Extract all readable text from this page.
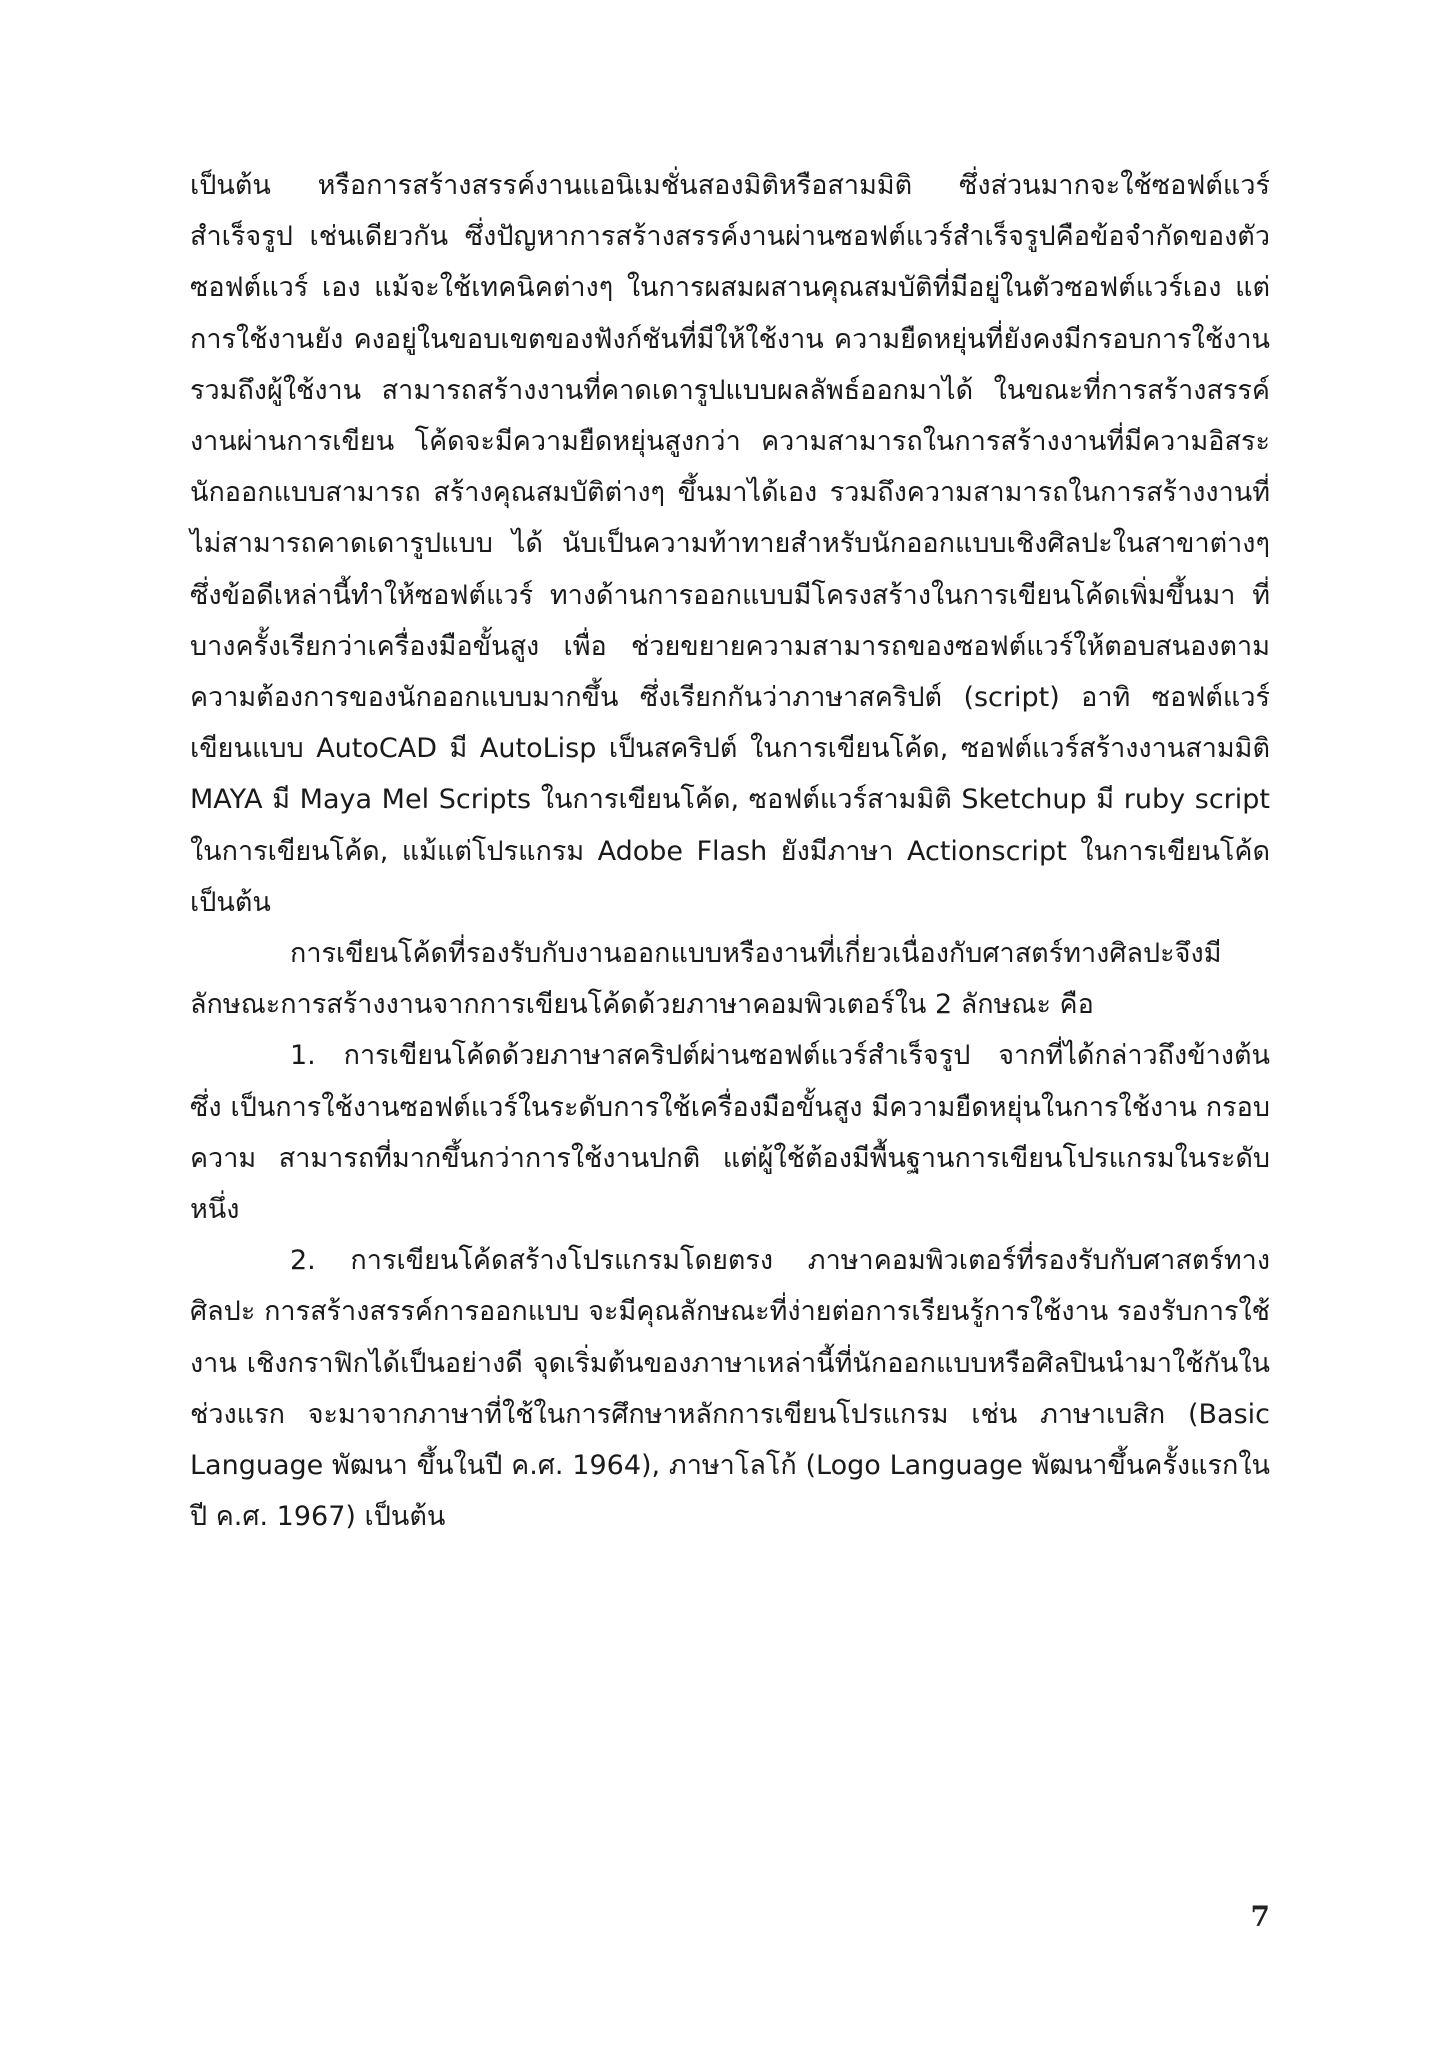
เป็นต้น หรือการสร้างสรรค์งานแอนิเมชั่นสองมิติหรือสามมิติ ซึ่งส่วนมากจะใช้ซอฟต์แวร์สำเร็จรูป เช่นเดียวกัน ซึ่งปัญหาการสร้างสรรค์งานผ่านซอฟต์แวร์สำเร็จรูปคือข้อจำกัดของตัวซอฟต์แวร์ เอง แม้จะใช้เทคนิคต่างๆ ในการผสมผสานคุณสมบัติที่มีอยู่ในตัวซอฟต์แวร์เอง แต่การใช้งานยัง คงอยู่ในขอบเขตของฟังก์ชันที่มีให้ใช้งาน ความยืดหยุ่นที่ยังคงมีกรอบการใช้งานรวมถึงผู้ใช้งาน สามารถสร้างงานที่คาดเดารูปแบบผลลัพธ์ออกมาได้ ในขณะที่การสร้างสรรค์งานผ่านการเขียน โค้ดจะมีความยืดหยุ่นสูงกว่า ความสามารถในการสร้างงานที่มีความอิสระ นักออกแบบสามารถ สร้างคุณสมบัติต่างๆ ขึ้นมาได้เอง รวมถึงความสามารถในการสร้างงานที่ไม่สามารถคาดเดารูปแบบ ได้ นับเป็นความท้าทายสำหรับนักออกแบบเชิงศิลปะในสาขาต่างๆ ซึ่งข้อดีเหล่านี้ทำให้ซอฟต์แวร์ ทางด้านการออกแบบมีโครงสร้างในการเขียนโค้ดเพิ่มขึ้นมา ที่บางครั้งเรียกว่าเครื่องมือขั้นสูง เพื่อ ช่วยขยายความสามารถของซอฟต์แวร์ให้ตอบสนองตามความต้องการของนักออกแบบมากขึ้น ซึ่งเรียกกันว่าภาษาสคริปต์ (script) อาทิ ซอฟต์แวร์เขียนแบบ AutoCAD มี AutoLisp เป็นสคริปต์ ในการเขียนโค้ด, ซอฟต์แวร์สร้างงานสามมิติ MAYA มี Maya Mel Scripts ในการเขียนโค้ด, ซอฟต์แวร์สามมิติ Sketchup มี ruby script ในการเขียนโค้ด, แม้แต่โปรแกรม Adobe Flash ยังมีภาษา Actionscript ในการเขียนโค้ด เป็นต้น

การเขียนโค้ดที่รองรับกับงานออกแบบหรืองานที่เกี่ยวเนื่องกับศาสตร์ทางศิลปะจึงมี ลักษณะการสร้างงานจากการเขียนโค้ดด้วยภาษาคอมพิวเตอร์ใน 2 ลักษณะ คือ

1. การเขียนโค้ดด้วยภาษาสคริปต์ผ่านซอฟต์แวร์สำเร็จรูป จากที่ได้กล่าวถึงข้างต้น ซึ่ง เป็นการใช้งานซอฟต์แวร์ในระดับการใช้เครื่องมือขั้นสูง มีความยืดหยุ่นในการใช้งาน กรอบความ สามารถที่มากขึ้นกว่าการใช้งานปกติ แต่ผู้ใช้ต้องมีพื้นฐานการเขียนโปรแกรมในระดับหนึ่ง

2. การเขียนโค้ดสร้างโปรแกรมโดยตรง ภาษาคอมพิวเตอร์ที่รองรับกับศาสตร์ทางศิลปะ การสร้างสรรค์การออกแบบ จะมีคุณลักษณะที่ง่ายต่อการเรียนรู้การใช้งาน รองรับการใช้งาน เชิงกราฟิกได้เป็นอย่างดี จุดเริ่มต้นของภาษาเหล่านี้ที่นักออกแบบหรือศิลปินนำมาใช้กันในช่วงแรก จะมาจากภาษาที่ใช้ในการศึกษาหลักการเขียนโปรแกรม เช่น ภาษาเบสิก (Basic Language พัฒนา ขึ้นในปี ค.ศ. 1964), ภาษาโลโก้ (Logo Language พัฒนาขึ้นครั้งแรกในปี ค.ศ. 1967) เป็นต้น

7
